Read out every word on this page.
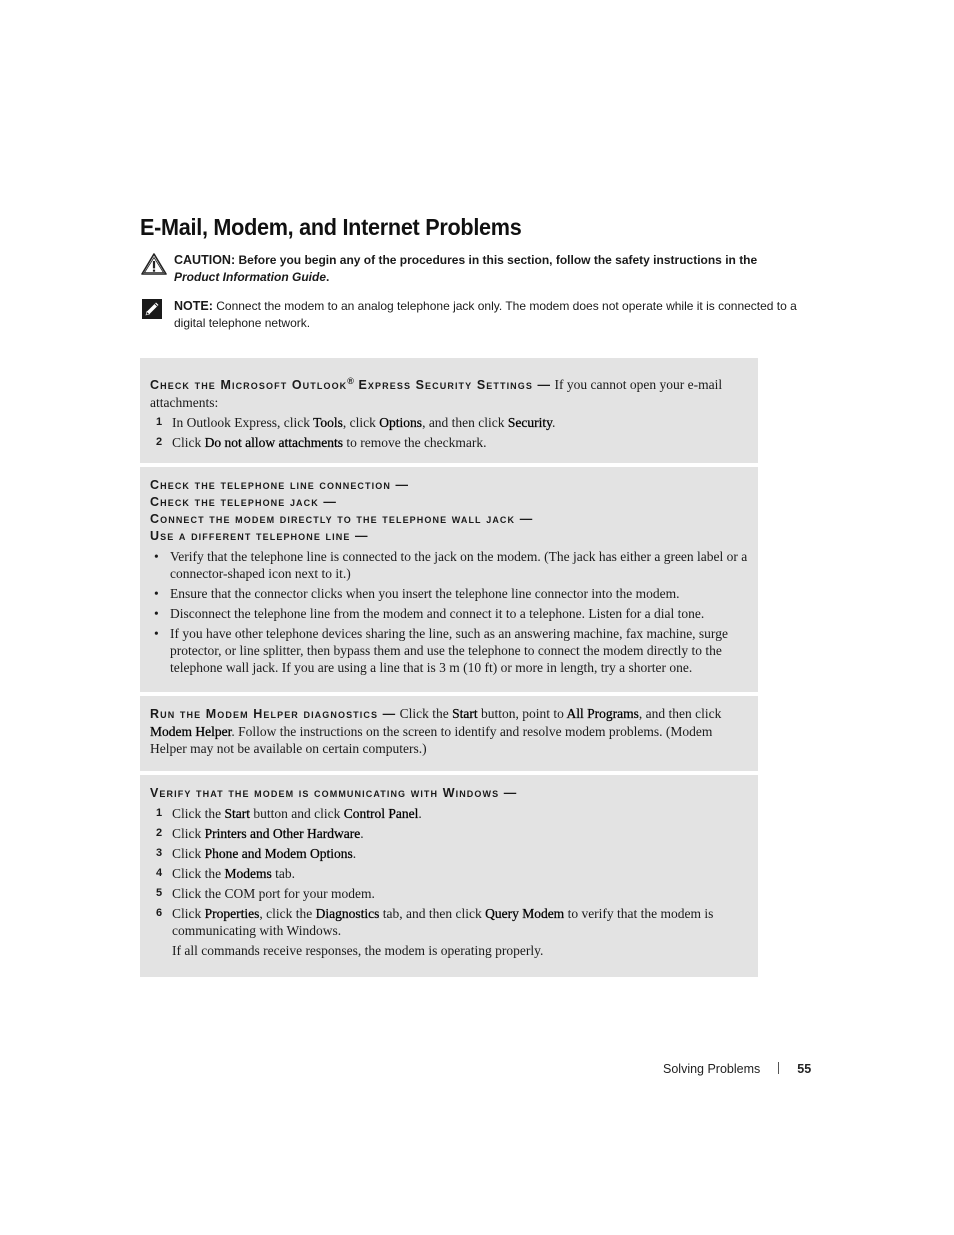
E-Mail, Modem, and Internet Problems
CAUTION: Before you begin any of the procedures in this section, follow the safety instructions in the
Product Information Guide.
NOTE: Connect the modem to an analog telephone jack only. The modem does not operate while it is connected to a digital telephone network.

Check the Microsoft Outlook® Express Security Settings — If you cannot open your e-mail attachments:

1 In Outlook Express, click Tools, click Options, and then click Security.
2 Click Do not allow attachments to remove the checkmark.

Check the telephone line connection —

Check the telephone jack —

Connect the modem directly to the telephone wall jack —

Use a different telephone line —

• Verify that the telephone line is connected to the jack on the modem. (The jack has either a green label or a connector-shaped icon next to it.)
• Ensure that the connector clicks when you insert the telephone line connector into the modem.
• Disconnect the telephone line from the modem and connect it to a telephone. Listen for a dial tone.
• If you have other telephone devices sharing the line, such as an answering machine, fax machine, surge protector, or line splitter, then bypass them and use the telephone to connect the modem directly to the telephone wall jack. If you are using a line that is 3 m (10 ft) or more in length, try a shorter one.

Run the Modem Helper diagnostics — Click the Start button, point to All Programs, and then click Modem Helper. Follow the instructions on the screen to identify and resolve modem problems. (Modem Helper may not be available on certain computers.)

Verify that the modem is communicating with Windows —

1 Click the Start button and click Control Panel.
2 Click Printers and Other Hardware.
3 Click Phone and Modem Options.
4 Click the Modems tab.
5 Click the COM port for your modem.
6 Click Properties, click the Diagnostics tab, and then click Query Modem to verify that the modem is communicating with Windows.
If all commands receive responses, the modem is operating properly.
Solving Problems	55
